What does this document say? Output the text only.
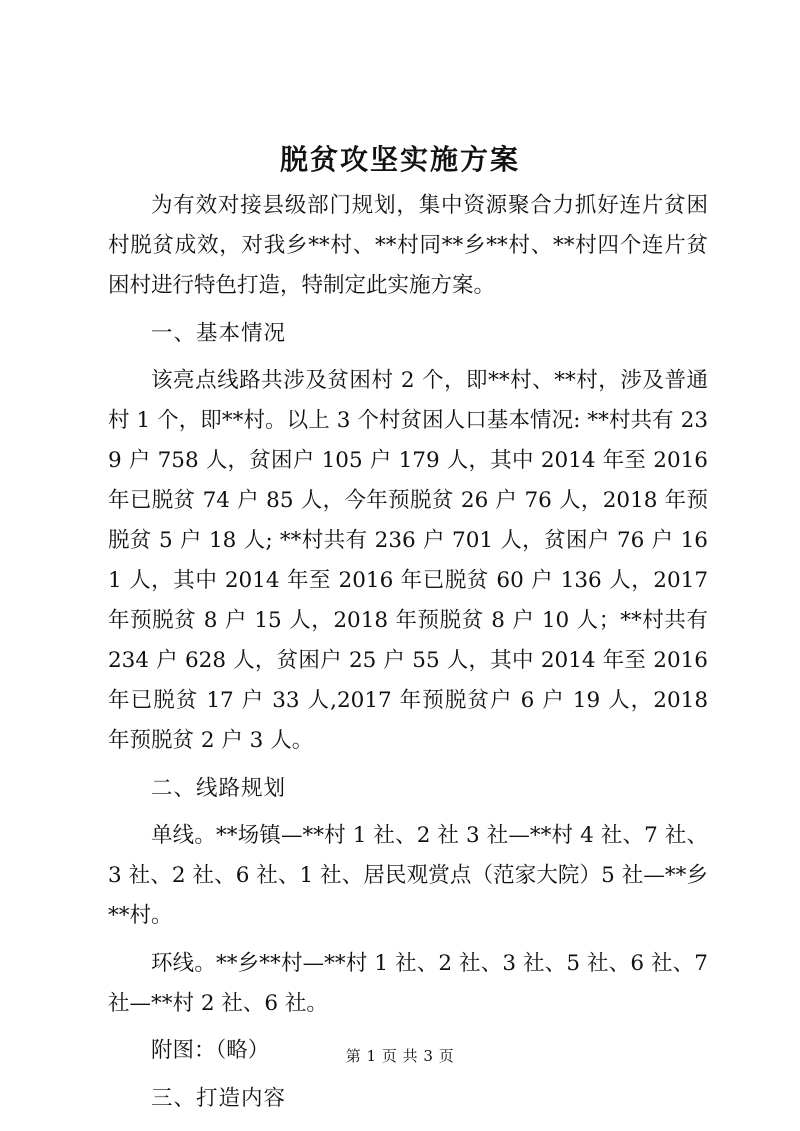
脱贫攻坚实施方案

为有效对接县级部门规划，集中资源聚合力抓好连片贫困村脱贫成效，对我乡**村、**村同**乡**村、**村四个连片贫困村进行特色打造，特制定此实施方案。

一、基本情况

该亮点线路共涉及贫困村 2 个，即**村、**村，涉及普通村 1 个，即**村。以上 3 个村贫困人口基本情况: **村共有 239 户 758 人，贫困户 105 户 179 人，其中 2014 年至 2016 年已脱贫 74 户 85 人，今年预脱贫 26 户 76 人，2018 年预脱贫 5 户 18 人; **村共有 236 户 701 人，贫困户 76 户 161 人，其中 2014 年至 2016 年已脱贫 60 户 136 人，2017 年预脱贫 8 户 15 人，2018 年预脱贫 8 户 10 人；**村共有 234 户 628 人，贫困户 25 户 55 人，其中 2014 年至 2016 年已脱贫 17 户 33 人,2017 年预脱贫户 6 户 19 人，2018 年预脱贫 2 户 3 人。

二、线路规划

单线。**场镇—**村 1 社、2 社 3 社—**村 4 社、7 社、3 社、2 社、6 社、1 社、居民观赏点（范家大院）5 社—**乡**村。

环线。**乡**村—**村 1 社、2 社、3 社、5 社、6 社、7 社—**村 2 社、6 社。

附图：（略）

三、打造内容

第 1 页 共 3 页
